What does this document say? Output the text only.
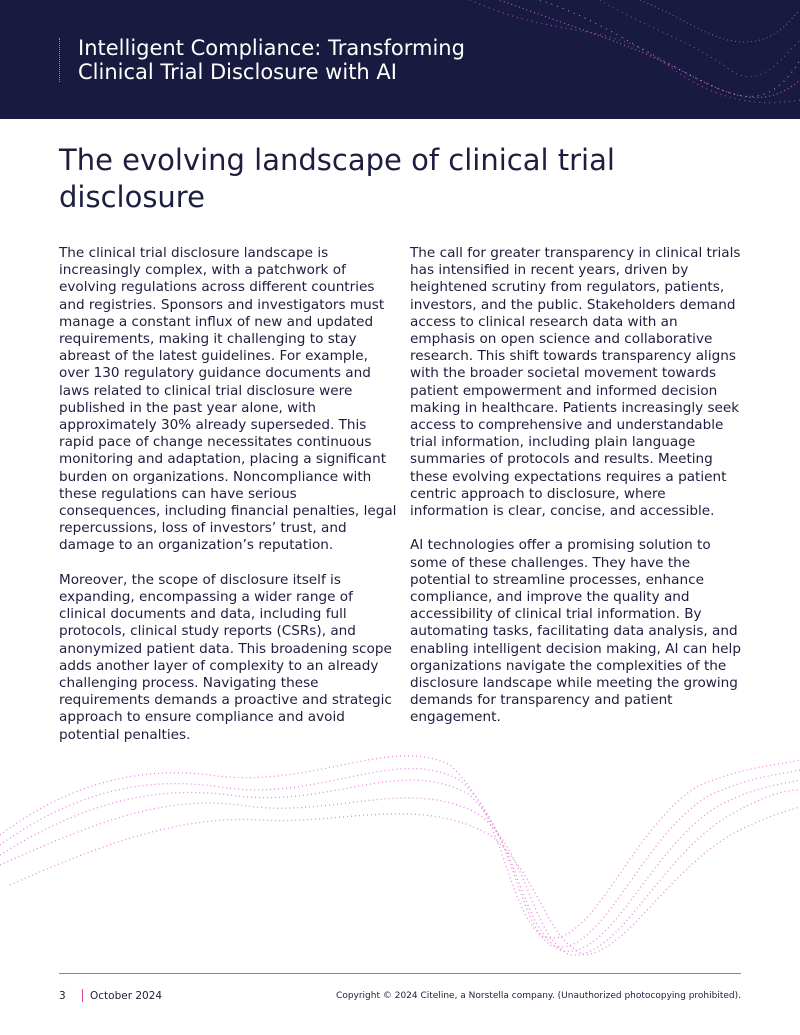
Intelligent Compliance: Transforming Clinical Trial Disclosure with AI
The evolving landscape of clinical trial disclosure

The clinical trial disclosure landscape is increasingly complex, with a patchwork of evolving regulations across different countries and registries. Sponsors and investigators must manage a constant influx of new and updated requirements, making it challenging to stay abreast of the latest guidelines. For example, over 130 regulatory guidance documents and laws related to clinical trial disclosure were published in the past year alone, with approximately 30% already superseded. This rapid pace of change necessitates continuous monitoring and adaptation, placing a significant burden on organizations. Noncompliance with these regulations can have serious consequences, including financial penalties, legal repercussions, loss of investors’ trust, and damage to an organization’s reputation.

Moreover, the scope of disclosure itself is expanding, encompassing a wider range of clinical documents and data, including full protocols, clinical study reports (CSRs), and anonymized patient data. This broadening scope adds another layer of complexity to an already challenging process. Navigating these requirements demands a proactive and strategic approach to ensure compliance and avoid potential penalties.

The call for greater transparency in clinical trials has intensified in recent years, driven by heightened scrutiny from regulators, patients, investors, and the public. Stakeholders demand access to clinical research data with an emphasis on open science and collaborative research. This shift towards transparency aligns with the broader societal movement towards patient empowerment and informed decision making in healthcare. Patients increasingly seek access to comprehensive and understandable trial information, including plain language summaries of protocols and results. Meeting these evolving expectations requires a patient centric approach to disclosure, where information is clear, concise, and accessible.

AI technologies offer a promising solution to some of these challenges. They have the potential to streamline processes, enhance compliance, and improve the quality and accessibility of clinical trial information. By automating tasks, facilitating data analysis, and enabling intelligent decision making, AI can help organizations navigate the complexities of the disclosure landscape while meeting the growing demands for transparency and patient engagement.

3 October 2024	Copyright © 2024 Citeline, a Norstella company. (Unauthorized photocopying prohibited).
